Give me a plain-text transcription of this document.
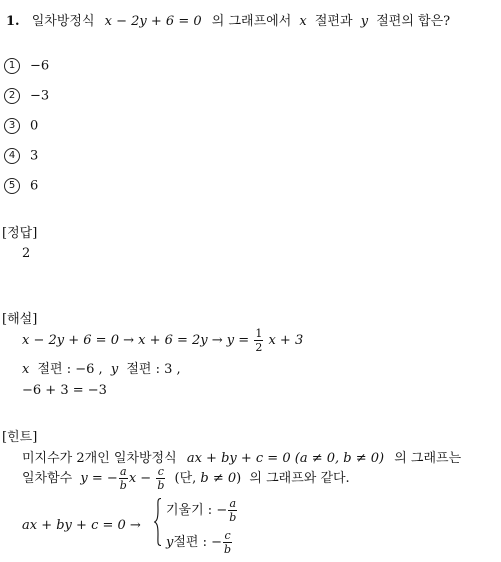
1. 일차방정식 x − 2y + 6 = 0 의 그래프에서 x 절편과 y 절편의 합은?
1 −6
2 −3
3 0
4 3
5 6
[정답]
2
[해설]
$x - 2y + 6 = 0 \to x + 6 = 2y \to y = \frac{1}{2}$ x + 3
x 절편 : −6 , y 절편 : 3 ,
−6 + 3 = −3
[힌트]
미지수가 2개인 일차방정식 ax + by + c = 0 (a ≠ 0, b ≠ 0) 의 그래프는
일차함수 y = − $\frac{a}{b}$ $x - \frac{c}{b}$ (단, b ≠ 0) 의 그래프와 같다.
ax + by + c = 0 →
기울기 : − $\frac{a}{b}$
y절편 : − $\frac{c}{b}$
